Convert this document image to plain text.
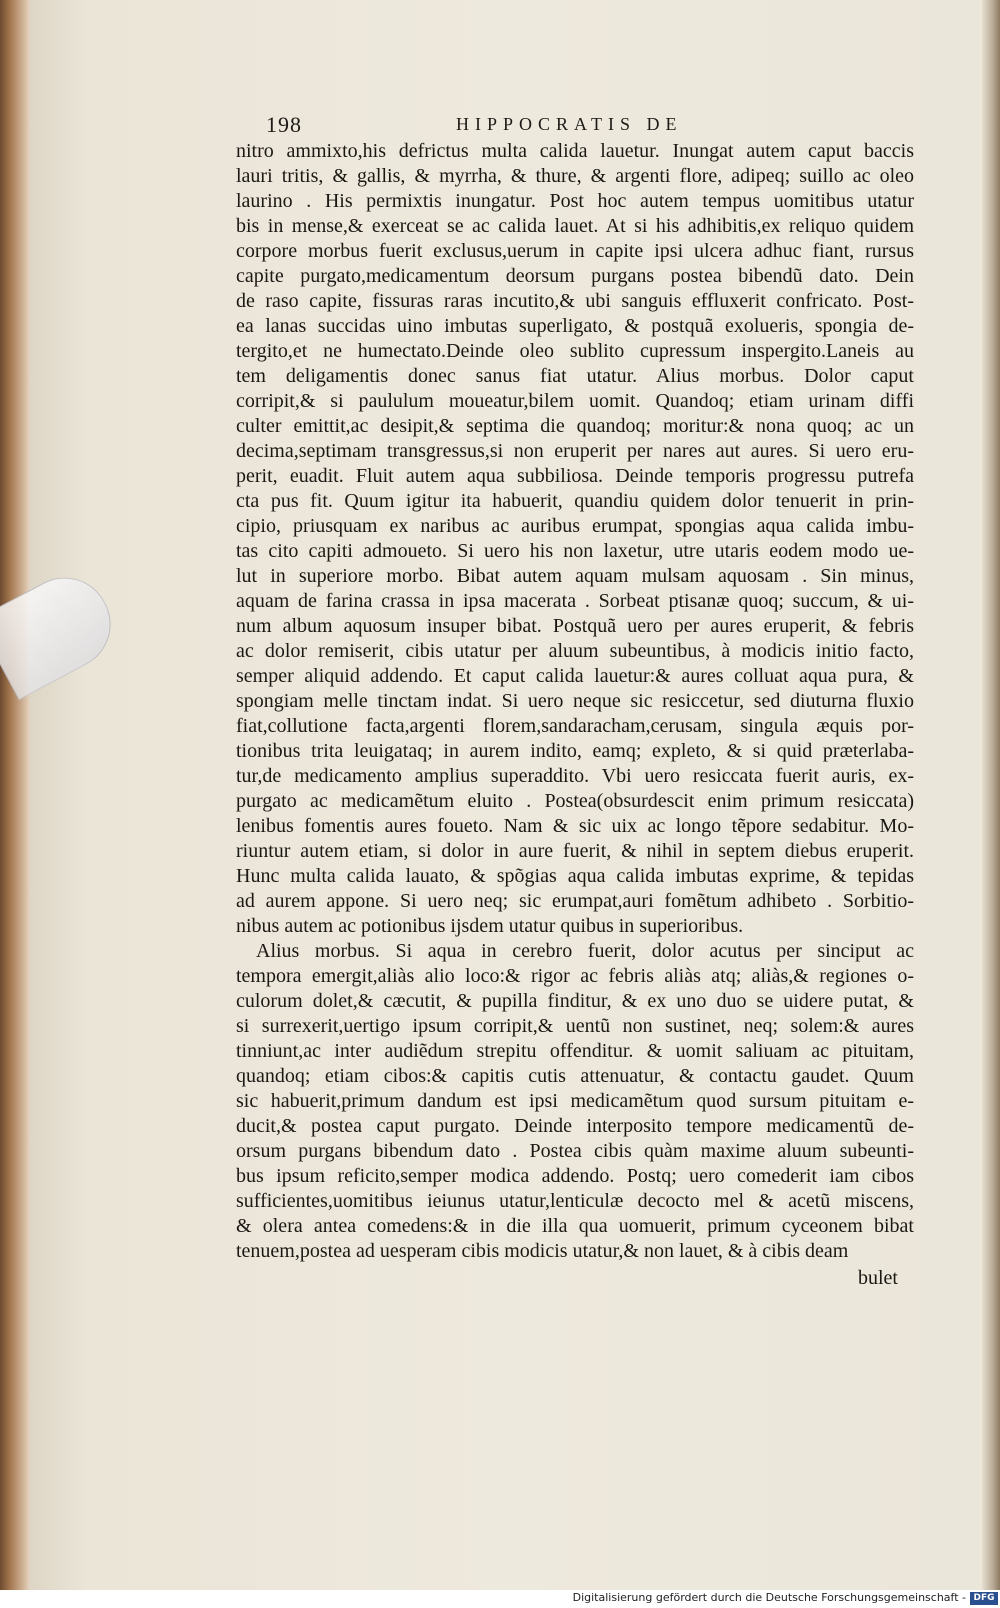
198	HIPPOCRATIS DE
nitro ammixto,his defrictus multa calida lauetur. Inungat autem caput baccis
lauri tritis, & gallis, & myrrha, & thure, & argenti flore, adipeq; suillo ac oleo
laurino . His permixtis inungatur. Post hoc autem tempus uomitibus utatur
bis in mense,& exerceat se ac calida lauet. At si his adhibitis,ex reliquo quidem
corpore morbus fuerit exclusus,uerum in capite ipsi ulcera adhuc fiant, rursus
capite purgato,medicamentum deorsum purgans postea bibendũ dato. Dein
de raso capite, fissuras raras incutito,& ubi sanguis effluxerit confricato. Post-
ea lanas succidas uino imbutas superligato, & postquã exolueris, spongia de-
tergito,et ne humectato.Deinde oleo sublito cupressum inspergito.Laneis au
tem deligamentis donec sanus fiat utatur. Alius morbus. Dolor caput
corripit,& si paululum moueatur,bilem uomit. Quandoq; etiam urinam diffi
culter emittit,ac desipit,& septima die quandoq; moritur:& nona quoq; ac un
decima,septimam transgressus,si non eruperit per nares aut aures. Si uero eru-
perit, euadit. Fluit autem aqua subbiliosa. Deinde temporis progressu putrefa
cta pus fit. Quum igitur ita habuerit, quandiu quidem dolor tenuerit in prin-
cipio, priusquam ex naribus ac auribus erumpat, spongias aqua calida imbu-
tas cito capiti admoueto. Si uero his non laxetur, utre utaris eodem modo ue-
lut in superiore morbo. Bibat autem aquam mulsam aquosam . Sin minus,
aquam de farina crassa in ipsa macerata . Sorbeat ptisanæ quoq; succum, & ui-
num album aquosum insuper bibat. Postquã uero per aures eruperit, & febris
ac dolor remiserit, cibis utatur per aluum subeuntibus, à modicis initio facto,
semper aliquid addendo. Et caput calida lauetur:& aures colluat aqua pura, &
spongiam melle tinctam indat. Si uero neque sic resiccetur, sed diuturna fluxio
fiat,collutione facta,argenti florem,sandaracham,cerusam, singula æquis por-
tionibus trita leuigataq; in aurem indito, eamq; expleto, & si quid præterlaba-
tur,de medicamento amplius superaddito. Vbi uero resiccata fuerit auris, ex-
purgato ac medicamẽtum eluito . Postea(obsurdescit enim primum resiccata)
lenibus fomentis aures foueto. Nam & sic uix ac longo tẽpore sedabitur. Mo-
riuntur autem etiam, si dolor in aure fuerit, & nihil in septem diebus eruperit.
Hunc multa calida lauato, & spõgias aqua calida imbutas exprime, & tepidas
ad aurem appone. Si uero neq; sic erumpat,auri fomẽtum adhibeto . Sorbitio-
nibus autem ac potionibus ijsdem utatur quibus in superioribus.
Alius morbus. Si aqua in cerebro fuerit, dolor acutus per sinciput ac
tempora emergit,aliàs alio loco:& rigor ac febris aliàs atq; aliàs,& regiones o-
culorum dolet,& cæcutit, & pupilla finditur, & ex uno duo se uidere putat, &
si surrexerit,uertigo ipsum corripit,& uentũ non sustinet, neq; solem:& aures
tinniunt,ac inter audiẽdum strepitu offenditur. & uomit saliuam ac pituitam,
quandoq; etiam cibos:& capitis cutis attenuatur, & contactu gaudet. Quum
sic habuerit,primum dandum est ipsi medicamẽtum quod sursum pituitam e-
ducit,& postea caput purgato. Deinde interposito tempore medicamentũ de-
orsum purgans bibendum dato . Postea cibis quàm maxime aluum subeunti-
bus ipsum reficito,semper modica addendo. Postq; uero comederit iam cibos
sufficientes,uomitibus ieiunus utatur,lenticulæ decocto mel & acetũ miscens,
& olera antea comedens:& in die illa qua uomuerit, primum cyceonem bibat
tenuem,postea ad uesperam cibis modicis utatur,& non lauet, & à cibis deam
bulet
Digitalisierung gefördert durch die Deutsche Forschungsgemeinschaft - DFG
